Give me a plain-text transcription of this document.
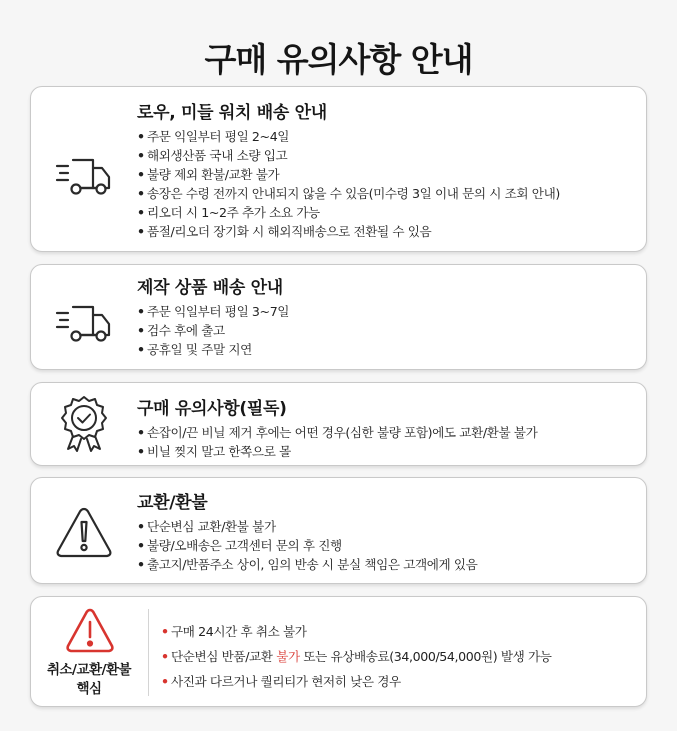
구매 유의사항 안내
로우, 미들 워치 배송 안내
• 주문 익일부터 평일 2~4일
• 해외생산품 국내 소량 입고
• 불량 제외 환불/교환 불가
• 송장은 수령 전까지 안내되지 않을 수 있음(미수령 3일 이내 문의 시 조회 안내)
• 리오더 시 1~2주 추가 소요 가능
• 품절/리오더 장기화 시 해외직배송으로 전환될 수 있음
제작 상품 배송 안내
• 주문 익일부터 평일 3~7일
• 검수 후에 출고
• 공휴일 및 주말 지연
구매 유의사항(필독)
• 손잡이/끈 비닐 제거 후에는 어떤 경우(심한 불량 포함)에도 교환/환불 불가
• 비닐 찢지 말고 한쪽으로 몰
교환/환불
• 단순변심 교환/환불 불가
• 불량/오배송은 고객센터 문의 후 진행
• 출고지/반품주소 상이, 임의 반송 시 분실 책임은 고객에게 있음
취소/교환/환불
핵심
• 구매 24시간 후 취소 불가
• 단순변심 반품/교환 불가 또는 유상배송료(34,000/54,000원) 발생 가능
• 사진과 다르거나 퀄리티가 현저히 낮은 경우
